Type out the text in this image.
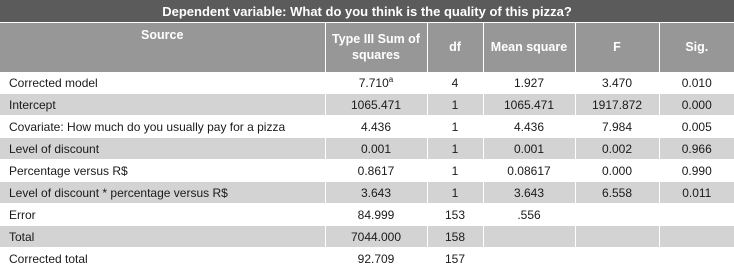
Dependent variable: What do you think is the quality of this pizza?					
Source	Type III Sum of squares	df	Mean square	F	Sig.
Corrected model	7.710$^a$	4	1.927	3.470	0.010
Intercept	1065.471	1	1065.471	1917.872	0.000
Covariate: How much do you usually pay for a pizza	4.436	1	4.436	7.984	0.005
Level of discount	0.001	1	0.001	0.002	0.966
Percentage versus R$	0.8617	1	0.08617	0.000	0.990
Level of discount * percentage versus R$	3.643	1	3.643	6.558	0.011
Error	84.999	153	.556		
Total	7044.000	158			
Corrected total	92.709	157			
